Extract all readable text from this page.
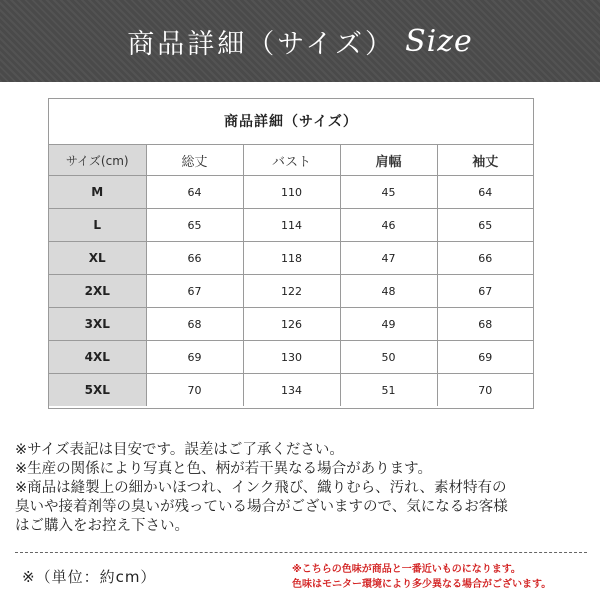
商品詳細（サイズ） Size
商品詳細（サイズ）
サイズ(cm)	総丈	バスト	肩幅	袖丈
M	64	110	45	64
L	65	114	46	65
XL	66	118	47	66
2XL	67	122	48	67
3XL	68	126	49	68
4XL	69	130	50	69
5XL	70	134	51	70
※サイズ表記は目安です。誤差はご了承ください。
※生産の関係により写真と色、柄が若干異なる場合があります。
※商品は縫製上の細かいほつれ、インク飛び、織りむら、汚れ、素材特有の
臭いや接着剤等の臭いが残っている場合がございますので、気になるお客様
はご購入をお控え下さい。
※（単位：約cm）	※こちらの色味が商品と一番近いものになります。
色味はモニター環境により多少異なる場合がございます。
